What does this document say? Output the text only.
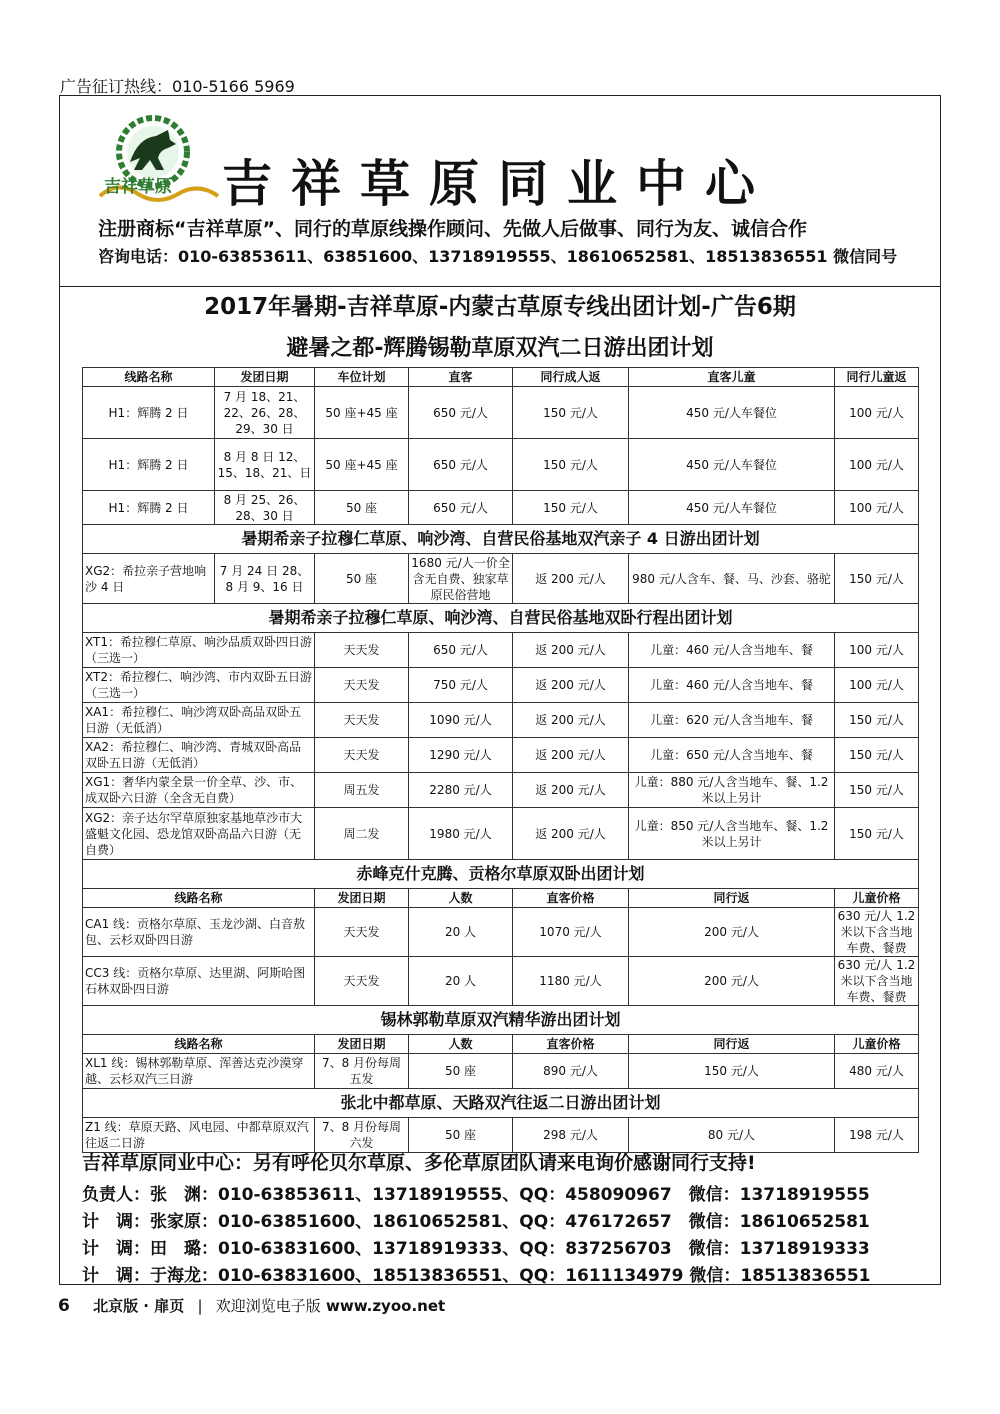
广告征订热线：010-5166 5969
吉祥草原 吉祥草原同业中心
注册商标“吉祥草原”、同行的草原线操作顾问、先做人后做事、同行为友、诚信合作
咨询电话：010-63853611、63851600、13718919555、18610652581、18513836551 微信同号
2017年暑期-吉祥草原-内蒙古草原专线出团计划-广告6期
避暑之都-辉腾锡勒草原双汽二日游出团计划
线路名称	发团日期	车位计划	直客	同行成人返	直客儿童	同行儿童返
H1：辉腾 2 日	7 月 18、21、22、26、28、29、30 日	50 座+45 座	650 元/人	150 元/人	450 元/人车餐位	100 元/人
H1：辉腾 2 日	8 月 8 日 12、15、18、21、日	50 座+45 座	650 元/人	150 元/人	450 元/人车餐位	100 元/人
H1：辉腾 2 日	8 月 25、26、28、30 日	50 座	650 元/人	150 元/人	450 元/人车餐位	100 元/人
暑期希亲子拉穆仁草原、响沙湾、自营民俗基地双汽亲子 4 日游出团计划						
XG2：希拉亲子营地响沙 4 日	7 月 24 日 28、8 月 9、16 日	50 座	1680 元/人一价全含无自费、独家草原民俗营地	返 200 元/人	980 元/人含车、餐、马、沙套、骆驼	150 元/人
暑期希亲子拉穆仁草原、响沙湾、自营民俗基地双卧行程出团计划						
XT1：希拉穆仁草原、响沙品质双卧四日游（三选一）		天天发	650 元/人	返 200 元/人	儿童：460 元/人含当地车、餐	100 元/人
XT2：希拉穆仁、响沙湾、市内双卧五日游（三选一）		天天发	750 元/人	返 200 元/人	儿童：460 元/人含当地车、餐	100 元/人
XA1：希拉穆仁、响沙湾双卧高品双卧五日游（无低消）		天天发	1090 元/人	返 200 元/人	儿童：620 元/人含当地车、餐	150 元/人
XA2：希拉穆仁、响沙湾、青城双卧高品双卧五日游（无低消）		天天发	1290 元/人	返 200 元/人	儿童：650 元/人含当地车、餐	150 元/人
XG1：奢华内蒙全景一价全草、沙、市、成双卧六日游（全含无自费）		周五发	2280 元/人	返 200 元/人	儿童：880 元/人含当地车、餐、1.2 米以上另计	150 元/人
XG2：亲子达尔罕草原独家基地草沙市大盛魁文化园、恐龙馆双卧高品六日游（无自费）		周二发	1980 元/人	返 200 元/人	儿童：850 元/人含当地车、餐、1.2 米以上另计	150 元/人
赤峰克什克腾、贡格尔草原双卧出团计划						
线路名称		发团日期	人数	直客价格	同行返	儿童价格
CA1 线：贡格尔草原、玉龙沙湖、白音敖包、云杉双卧四日游		天天发	20 人	1070 元/人	200 元/人	630 元/人 1.2 米以下含当地车费、餐费
CC3 线：贡格尔草原、达里湖、阿斯哈图石林双卧四日游		天天发	20 人	1180 元/人	200 元/人	630 元/人 1.2 米以下含当地车费、餐费
锡林郭勒草原双汽精华游出团计划						
线路名称		发团日期	人数	直客价格	同行返	儿童价格
XL1 线：锡林郭勒草原、浑善达克沙漠穿越、云杉双汽三日游		7、8 月份每周五发	50 座	890 元/人	150 元/人	480 元/人
张北中都草原、天路双汽往返二日游出团计划						
Z1 线：草原天路、风电园、中都草原双汽往返二日游		7、8 月份每周六发	50 座	298 元/人	80 元/人	198 元/人
吉祥草原同业中心：另有呼伦贝尔草原、多伦草原团队请来电询价感谢同行支持!
负责人：张　渊：010-63853611、13718919555、QQ：458090967　微信：13718919555
计　调：张家原：010-63851600、18610652581、QQ：476172657　微信：18610652581
计　调：田　璐：010-63831600、13718919333、QQ：837256703　微信：13718919333
计　调：于海龙：010-63831600、18513836551、QQ：1611134979 微信：18513836551
6 北京版 · 扉页 | 欢迎浏览电子版 www.zyoo.net
